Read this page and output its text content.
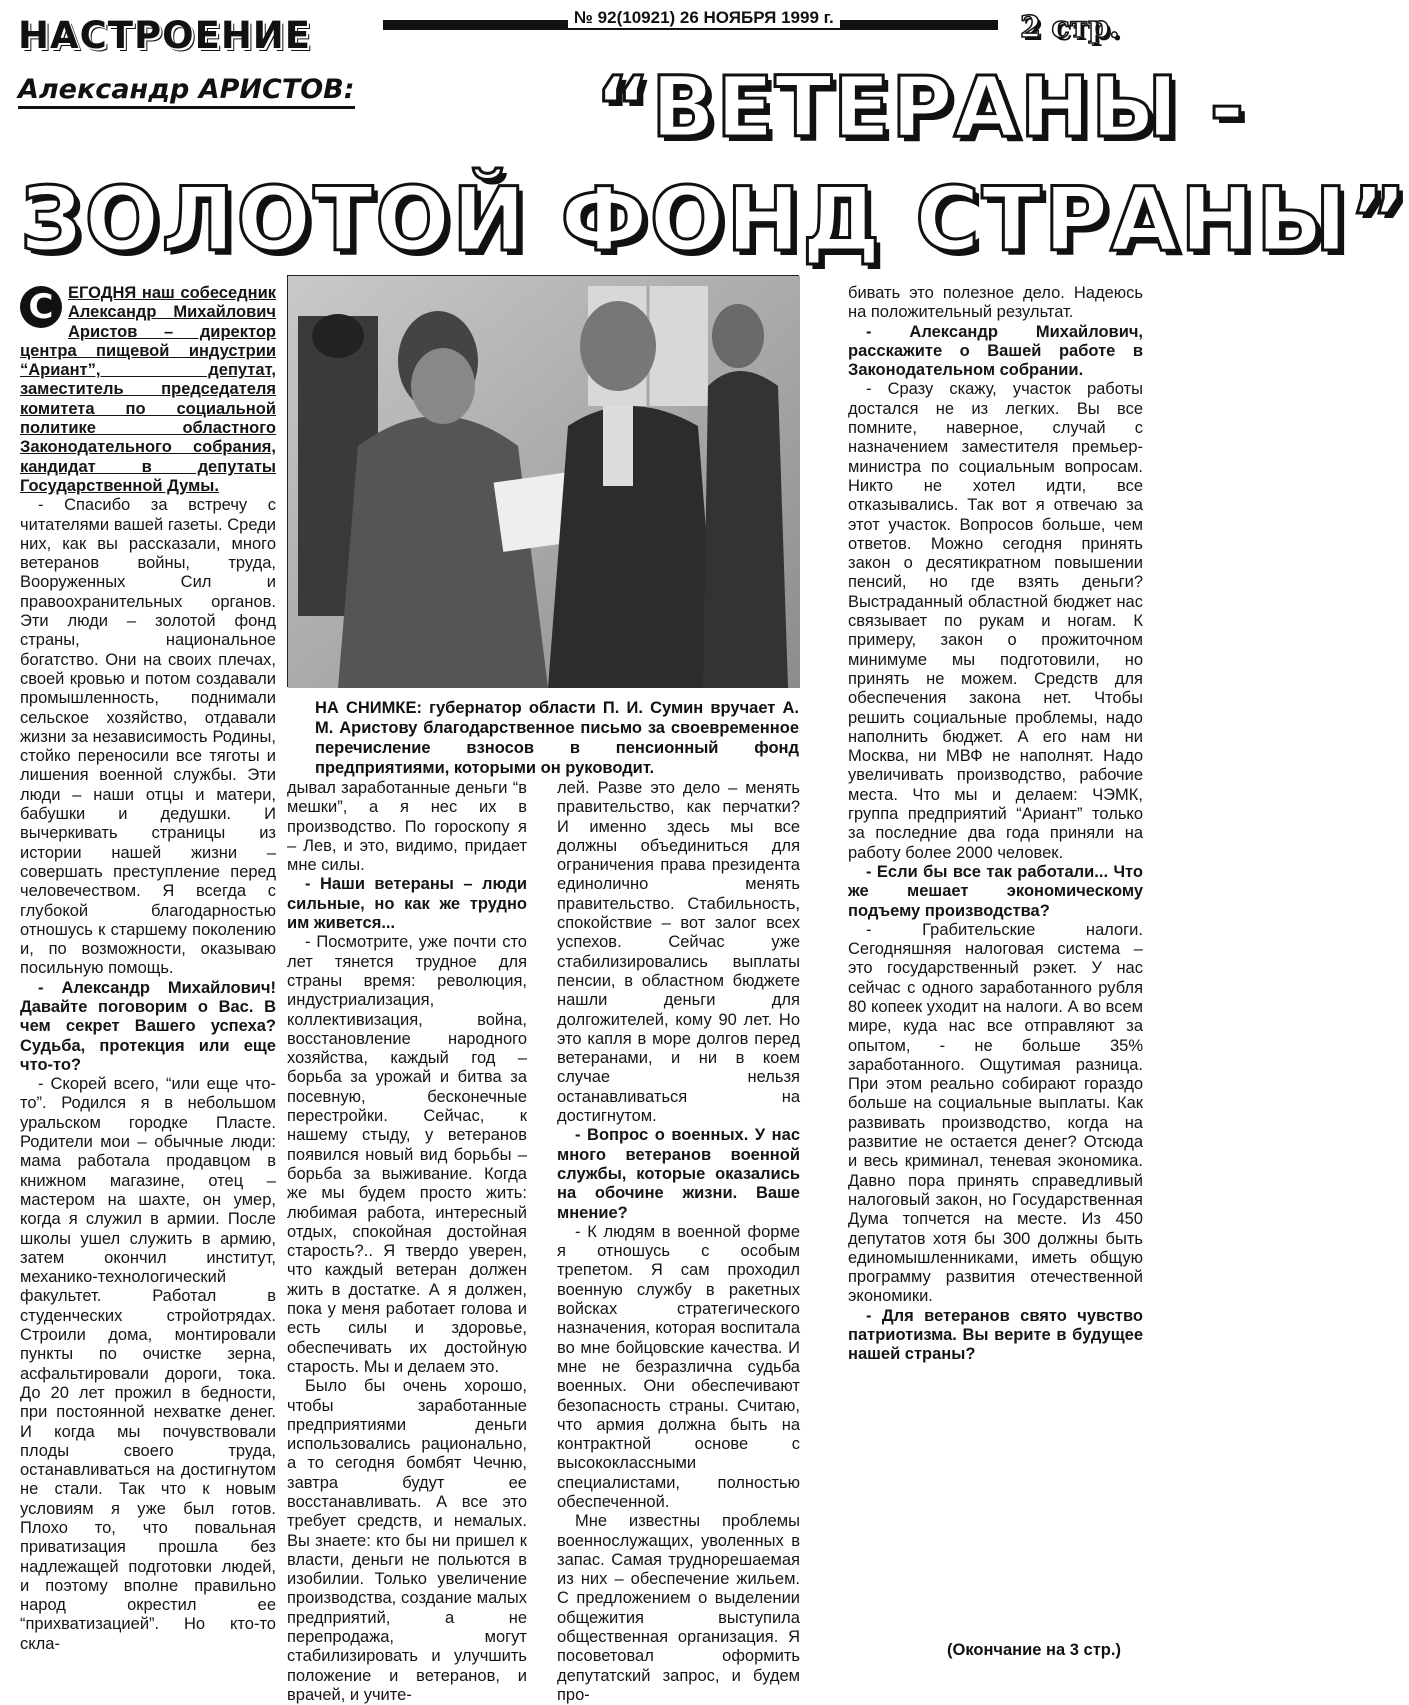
НАСТРОЕНИЕ	№ 92(10921) 26 НОЯБРЯ 1999 г.	2 стр.
Александр АРИСТОВ:	“ВЕТЕРАНЫ -
ЗОЛОТОЙ ФОНД СТРАНЫ”
С ЕГОДНЯ наш собеседник Александр Михайлович Аристов – директор центра пищевой индустрии “Ариант”, депутат, заместитель председателя комитета по социальной политике областного Законодательного собрания, кандидат в депутаты Государственной Думы.

- Спасибо за встречу с читателями вашей газеты. Среди них, как вы рассказали, много ветеранов войны, труда, Вооруженных Сил и правоохранительных органов. Эти люди – золотой фонд страны, национальное богатство. Они на своих плечах, своей кровью и потом создавали промышленность, поднимали сельское хозяйство, отдавали жизни за независимость Родины, стойко переносили все тяготы и лишения военной службы. Эти люди – наши отцы и матери, бабушки и дедушки. И вычеркивать страницы из истории нашей жизни – совершать преступление перед человечеством. Я всегда с глубокой благодарностью отношусь к старшему поколению и, по возможности, оказываю посильную помощь.

- Александр Михайлович! Давайте поговорим о Вас. В чем секрет Вашего успеха? Судьба, протекция или еще что-то?

- Скорей всего, “или еще что-то”. Родился я в небольшом уральском городке Пласте. Родители мои – обычные люди: мама работала продавцом в книжном магазине, отец – мастером на шахте, он умер, когда я служил в армии. После школы ушел служить в армию, затем окончил институт, механико-технологический факультет. Работал в студенческих стройотрядах. Строили дома, монтировали пункты по очистке зерна, асфальтировали дороги, тока. До 20 лет прожил в бедности, при постоянной нехватке денег. И когда мы почувствовали плоды своего труда, останавливаться на достигнутом не стали. Так что к новым условиям я уже был готов. Плохо то, что повальная приватизация прошла без надлежащей подготовки людей, и поэтому вполне правильно народ окрестил ее “прихватизацией”. Но кто-то скла-

НА СНИМКЕ: губернатор области П. И. Сумин вручает А. М. Аристову благодарственное письмо за своевременное перечисление взносов в пенсионный фонд предприятиями, которыми он руководит.

дывал заработанные деньги “в мешки”, а я нес их в производство. По гороскопу я – Лев, и это, видимо, придает мне силы.

- Наши ветераны – люди сильные, но как же трудно им живется...

- Посмотрите, уже почти сто лет тянется трудное для страны время: революция, индустриализация, коллективизация, война, восстановление народного хозяйства, каждый год – борьба за урожай и битва за посевную, бесконечные перестройки. Сейчас, к нашему стыду, у ветеранов появился новый вид борьбы – борьба за выживание. Когда же мы будем просто жить: любимая работа, интересный отдых, спокойная достойная старость?.. Я твердо уверен, что каждый ветеран должен жить в достатке. А я должен, пока у меня работает голова и есть силы и здоровье, обеспечивать их достойную старость. Мы и делаем это.

Было бы очень хорошо, чтобы заработанные предприятиями деньги использовались рационально, а то сегодня бомбят Чечню, завтра будут ее восстанавливать. А все это требует средств, и немалых. Вы знаете: кто бы ни пришел к власти, деньги не польются в изобилии. Только увеличение производства, создание малых предприятий, а не перепродажа, могут стабилизировать и улучшить положение и ветеранов, и врачей, и учите-

лей. Разве это дело – менять правительство, как перчатки? И именно здесь мы все должны объединиться для ограничения права президента единолично менять правительство. Стабильность, спокойствие – вот залог всех успехов. Сейчас уже стабилизировались выплаты пенсии, в областном бюджете нашли деньги для долгожителей, кому 90 лет. Но это капля в море долгов перед ветеранами, и ни в коем случае нельзя останавливаться на достигнутом.

- Вопрос о военных. У нас много ветеранов военной службы, которые оказались на обочине жизни. Ваше мнение?

- К людям в военной форме я отношусь с особым трепетом. Я сам проходил военную службу в ракетных войсках стратегического назначения, которая воспитала во мне бойцовские качества. И мне не безразлична судьба военных. Они обеспечивают безопасность страны. Считаю, что армия должна быть на контрактной основе с высококлассными специалистами, полностью обеспеченной.

Мне известны проблемы военнослужащих, уволенных в запас. Самая трудноpешаемая из них – обеспечение жильем. С предложением о выделении общежития выступила общественная организация. Я посоветовал оформить депутатский запрос, и будем про-

бивать это полезное дело. Надеюсь на положительный результат.

- Александр Михайлович, расскажите о Вашей работе в Законодательном собрании.

- Сразу скажу, участок работы достался не из легких. Вы все помните, наверное, случай с назначением заместителя премьер-министра по социальным вопросам. Никто не хотел идти, все отказывались. Так вот я отвечаю за этот участок. Вопросов больше, чем ответов. Можно сегодня принять закон о десятикратном повышении пенсий, но где взять деньги? Выстраданный областной бюджет нас связывает по рукам и ногам. К примеру, закон о прожиточном минимуме мы подготовили, но принять не можем. Средств для обеспечения закона нет. Чтобы решить социальные проблемы, надо наполнить бюджет. А его нам ни Москва, ни МВФ не наполнят. Надо увеличивать производство, рабочие места. Что мы и делаем: ЧЭМК, группа предприятий “Ариант” только за последние два года приняли на работу более 2000 человек.

- Если бы все так работали... Что же мешает экономическому подъему производства?

- Грабительские налоги. Сегодняшняя налоговая система – это государственный рэкет. У нас сейчас с одного заработанного рубля 80 копеек уходит на налоги. А во всем мире, куда нас все отправляют за опытом, - не больше 35% заработанного. Ощутимая разница. При этом реально собирают гораздо больше на социальные выплаты. Как развивать производство, когда на развитие не остается денег? Отсюда и весь криминал, теневая экономика. Давно пора принять справедливый налоговый закон, но Государственная Дума топчется на месте. Из 450 депутатов хотя бы 300 должны быть единомышленниками, иметь общую программу развития отечественной экономики.

- Для ветеранов свято чувство патриотизма. Вы верите в будущее нашей страны?

(Окончание на 3 стр.)
